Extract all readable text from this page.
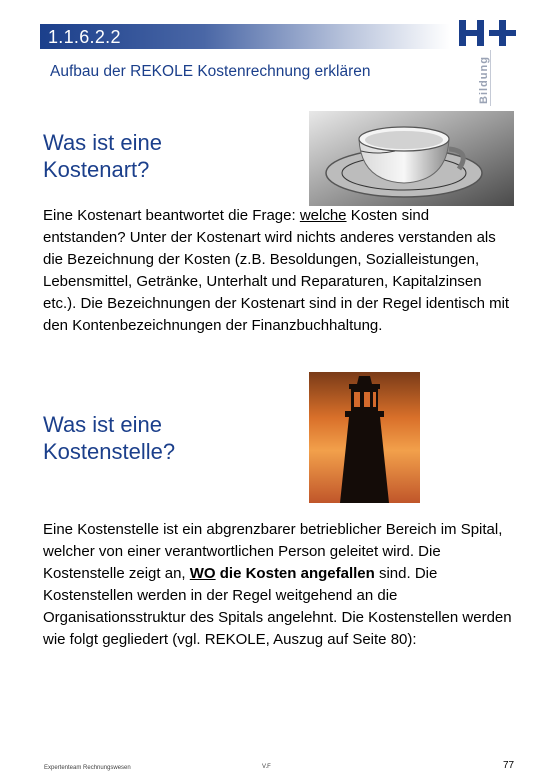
1.1.6.2.2
Aufbau der REKOLE Kostenrechnung erklären	Bildung
Was ist eine
Kostenart?

Eine Kostenart beantwortet die Frage: welche Kosten sind entstanden? Unter der Kostenart wird nichts anderes verstanden als die Bezeichnung der Kosten (z.B. Besoldungen, Sozialleistungen, Lebensmittel, Getränke, Unterhalt und Reparaturen, Kapitalzinsen etc.). Die Bezeichnungen der Kostenart sind in der Regel identisch mit den Kontenbezeichnungen der Finanzbuchhaltung.

Was ist eine
Kostenstelle?

Eine Kostenstelle ist ein abgrenzbarer betrieblicher Bereich im Spital, welcher von einer verantwortlichen Person geleitet wird. Die Kostenstelle zeigt an, WO die Kosten angefallen sind. Die Kostenstellen werden in der Regel weitgehend an die Organisationsstruktur des Spitals angelehnt. Die Kostenstellen werden wie folgt gegliedert (vgl. REKOLE, Auszug auf Seite 80):

Expertenteam Rechnungswesen	V.F	77
